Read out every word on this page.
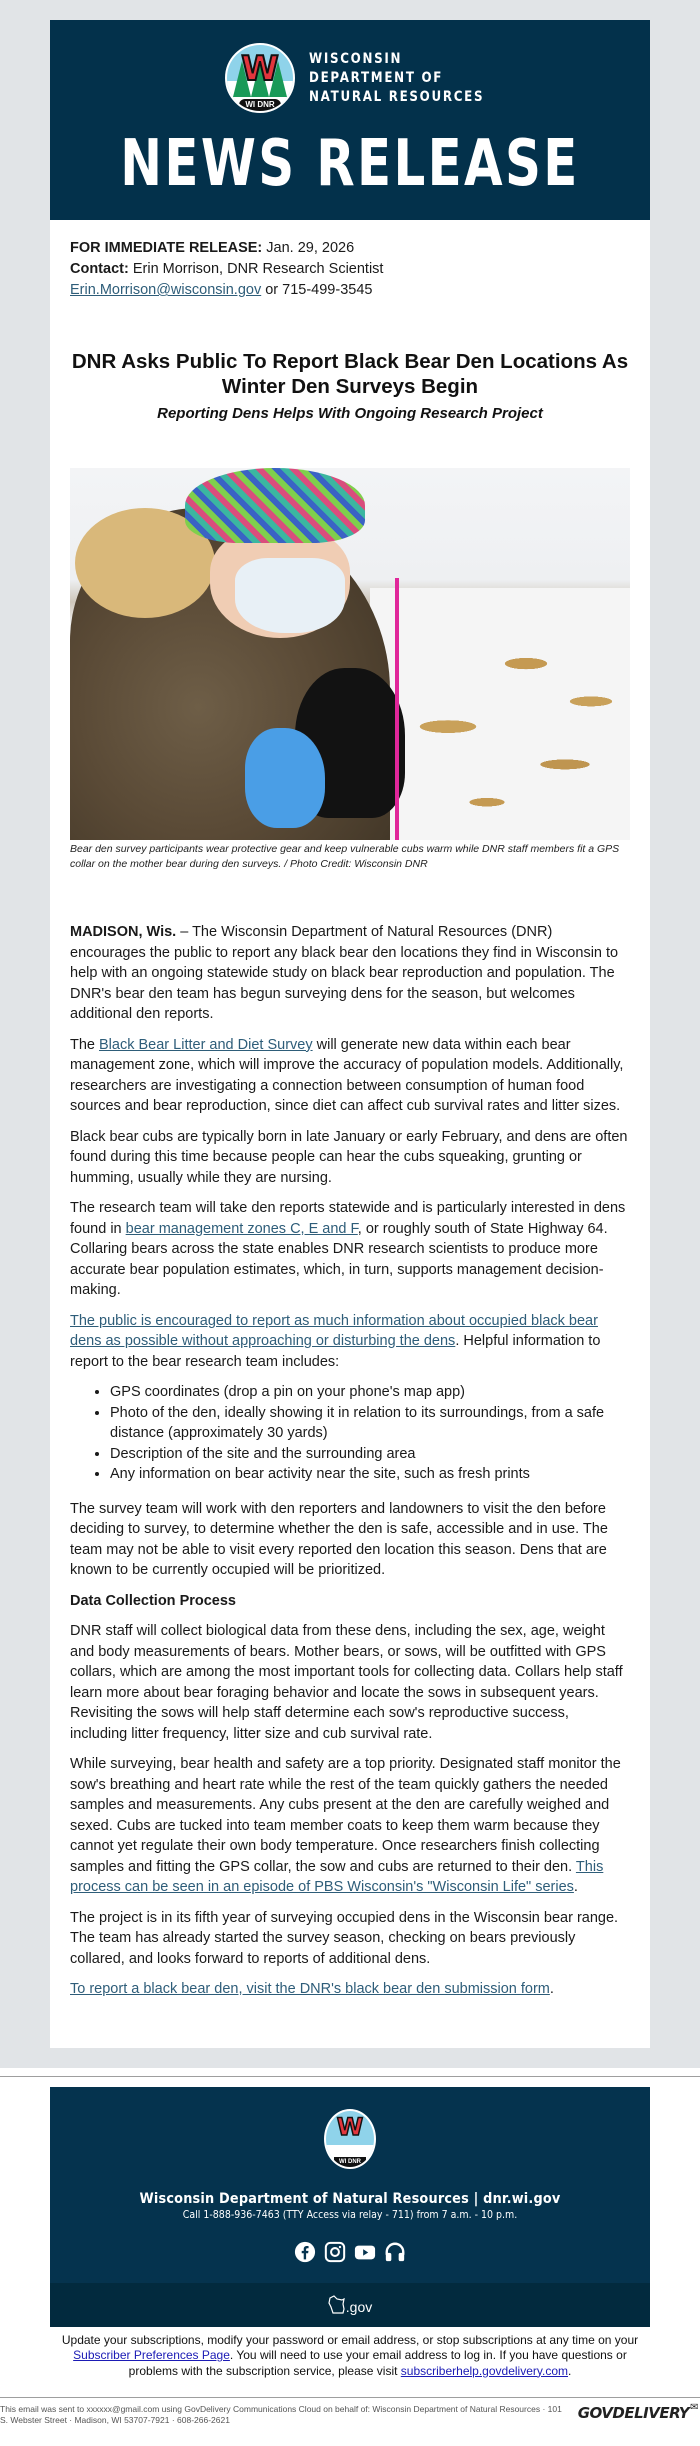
W
WI DNR
WISCONSIN
DEPARTMENT OF
NATURAL RESOURCES
NEWS RELEASE
FOR IMMEDIATE RELEASE: Jan. 29, 2026
Contact: Erin Morrison, DNR Research Scientist
Erin.Morrison@wisconsin.gov or 715-499-3545
DNR Asks Public To Report Black Bear Den Locations As Winter Den Surveys Begin
Reporting Dens Helps With Ongoing Research Project
Bear den survey participants wear protective gear and keep vulnerable cubs warm while DNR staff members fit a GPS collar on the mother bear during den surveys. / Photo Credit: Wisconsin DNR

MADISON, Wis. – The Wisconsin Department of Natural Resources (DNR) encourages the public to report any black bear den locations they find in Wisconsin to help with an ongoing statewide study on black bear reproduction and population. The DNR's bear den team has begun surveying dens for the season, but welcomes additional den reports.

The Black Bear Litter and Diet Survey will generate new data within each bear management zone, which will improve the accuracy of population models. Additionally, researchers are investigating a connection between consumption of human food sources and bear reproduction, since diet can affect cub survival rates and litter sizes.

Black bear cubs are typically born in late January or early February, and dens are often found during this time because people can hear the cubs squeaking, grunting or humming, usually while they are nursing.

The research team will take den reports statewide and is particularly interested in dens found in bear management zones C, E and F, or roughly south of State Highway 64. Collaring bears across the state enables DNR research scientists to produce more accurate bear population estimates, which, in turn, supports management decision-making.

The public is encouraged to report as much information about occupied black bear dens as possible without approaching or disturbing the dens. Helpful information to report to the bear research team includes:

• GPS coordinates (drop a pin on your phone's map app)
• Photo of the den, ideally showing it in relation to its surroundings, from a safe distance (approximately 30 yards)
• Description of the site and the surrounding area
• Any information on bear activity near the site, such as fresh prints

The survey team will work with den reporters and landowners to visit the den before deciding to survey, to determine whether the den is safe, accessible and in use. The team may not be able to visit every reported den location this season. Dens that are known to be currently occupied will be prioritized.

Data Collection Process

DNR staff will collect biological data from these dens, including the sex, age, weight and body measurements of bears. Mother bears, or sows, will be outfitted with GPS collars, which are among the most important tools for collecting data. Collars help staff learn more about bear foraging behavior and locate the sows in subsequent years. Revisiting the sows will help staff determine each sow's reproductive success, including litter frequency, litter size and cub survival rate.

While surveying, bear health and safety are a top priority. Designated staff monitor the sow's breathing and heart rate while the rest of the team quickly gathers the needed samples and measurements. Any cubs present at the den are carefully weighed and sexed. Cubs are tucked into team member coats to keep them warm because they cannot yet regulate their own body temperature. Once researchers finish collecting samples and fitting the GPS collar, the sow and cubs are returned to their den. This process can be seen in an episode of PBS Wisconsin's "Wisconsin Life" series.

The project is in its fifth year of surveying occupied dens in the Wisconsin bear range. The team has already started the survey season, checking on bears previously collared, and looks forward to reports of additional dens.

To report a black bear den, visit the DNR's black bear den submission form.

W
WI DNR
Wisconsin Department of Natural Resources | dnr.wi.gov
Call 1-888-936-7463 (TTY Access via relay - 711) from 7 a.m. - 10 p.m.
.gov
Update your subscriptions, modify your password or email address, or stop subscriptions at any time on your Subscriber Preferences Page. You will need to use your email address to log in. If you have questions or problems with the subscription service, please visit subscriberhelp.govdelivery.com.
This email was sent to xxxxxx@gmail.com using GovDelivery Communications Cloud on behalf of: Wisconsin Department of Natural Resources · 101 S. Webster Street · Madison, WI 53707-7921 · 608-266-2621	GOVDELIVERY✉
